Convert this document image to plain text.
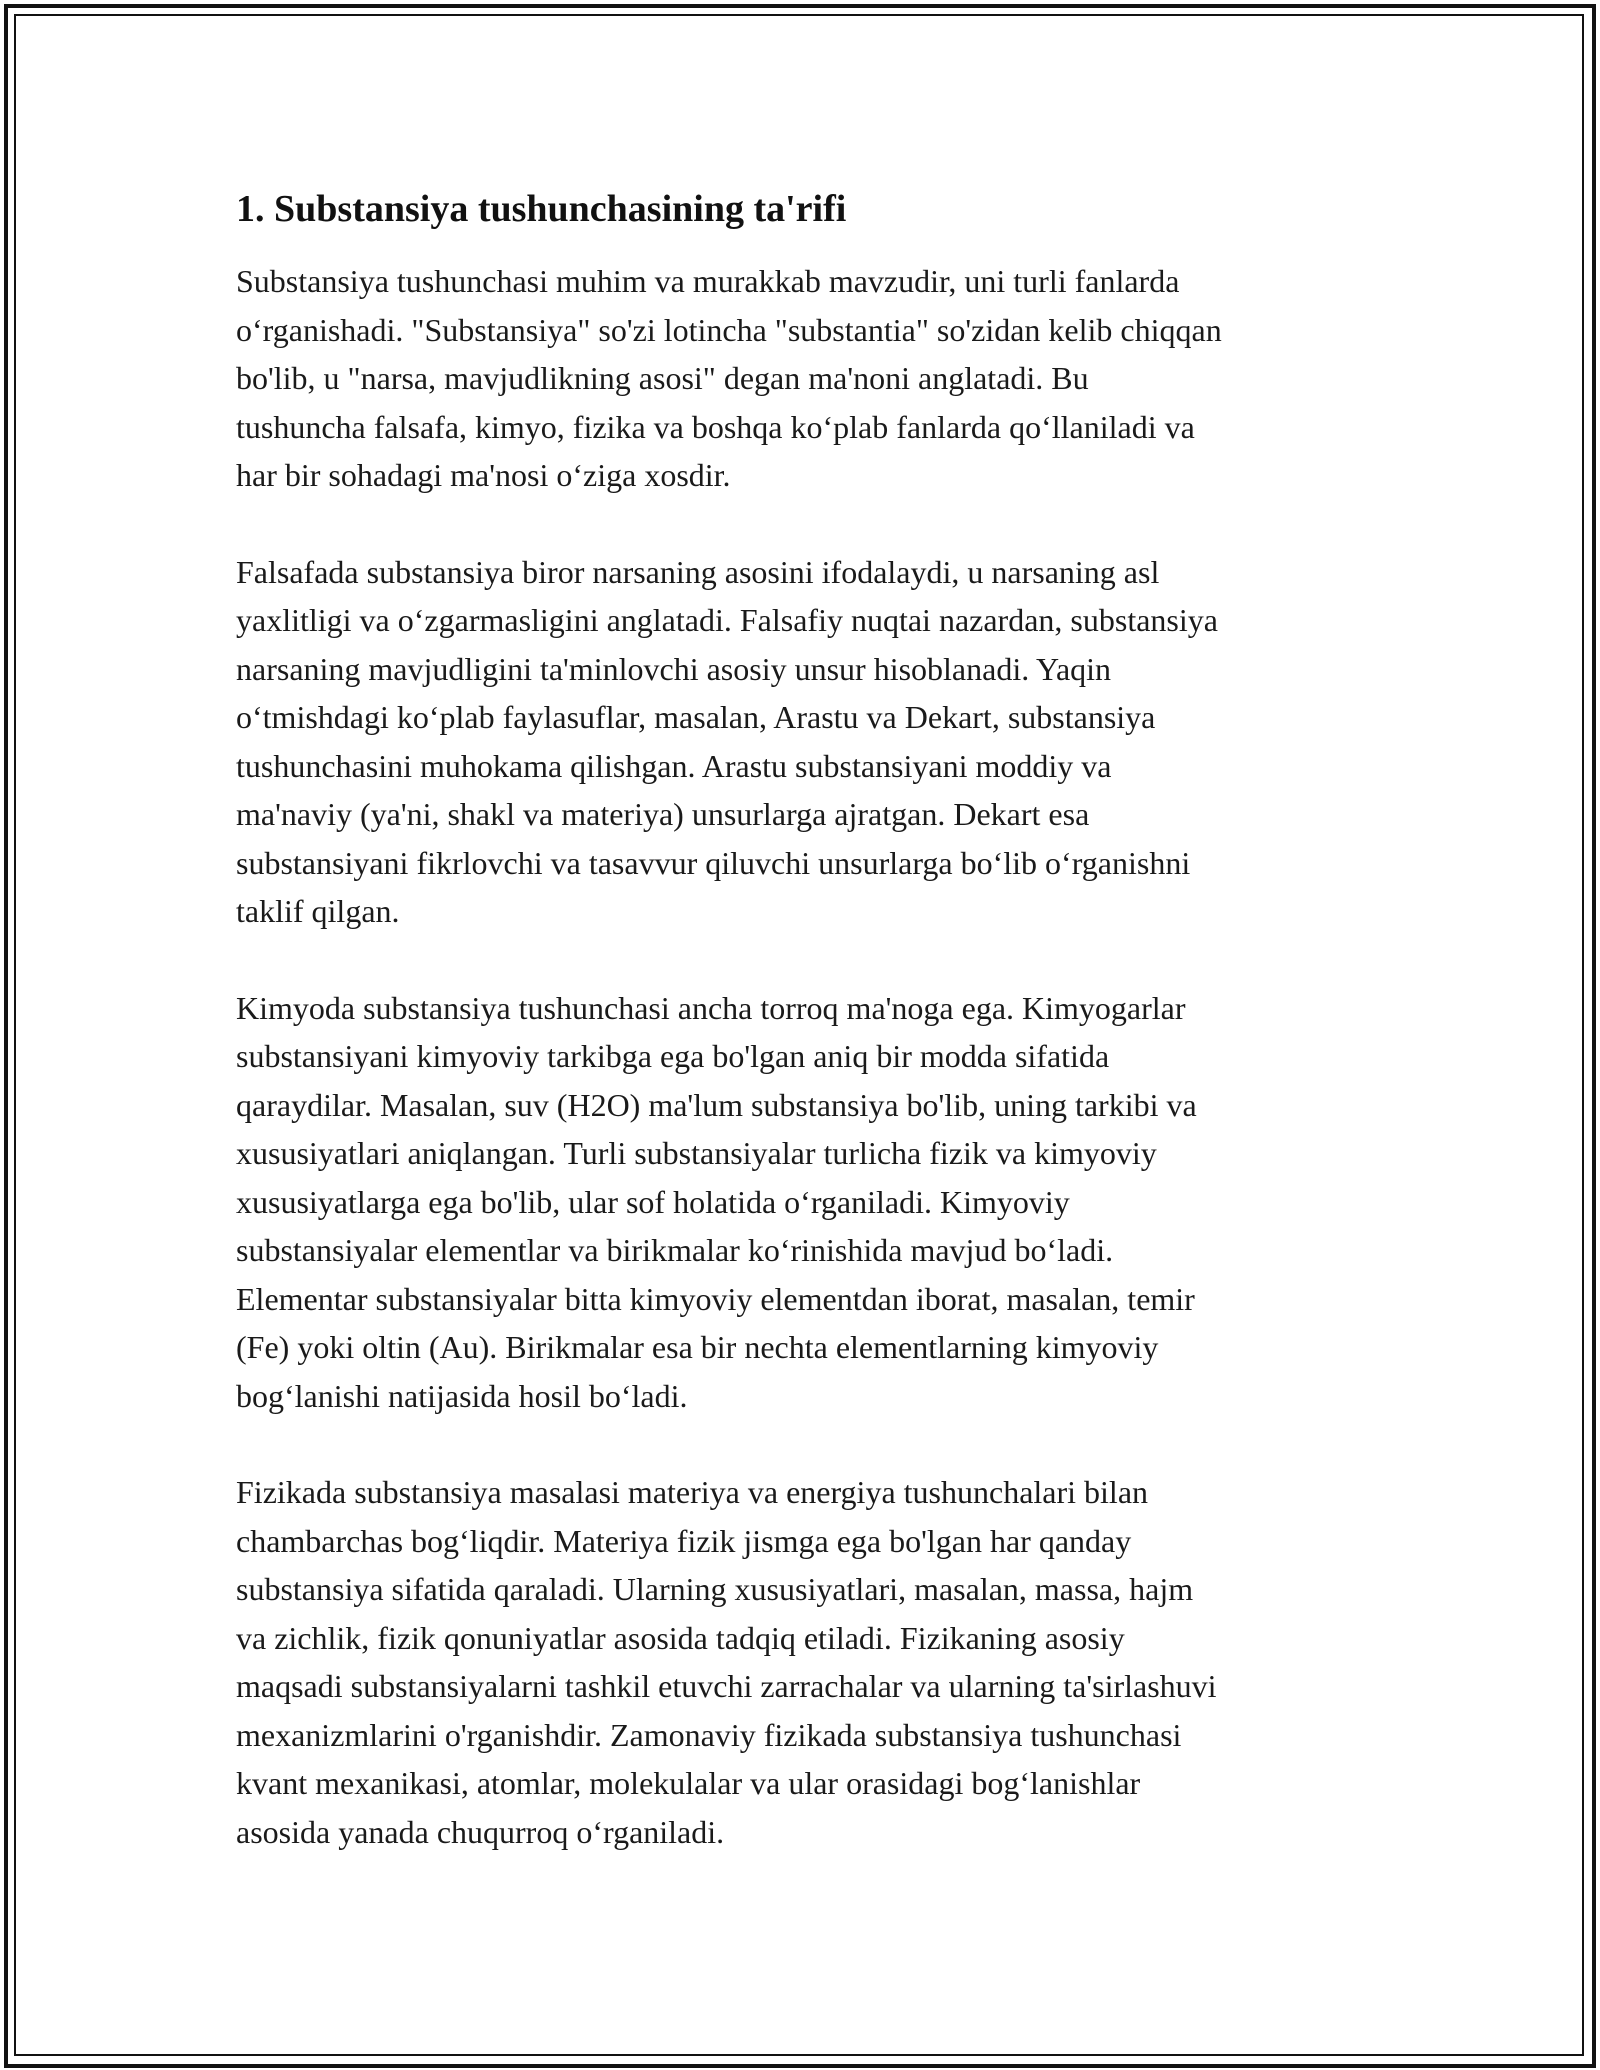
1. Substansiya tushunchasining ta'rifi

Substansiya tushunchasi muhim va murakkab mavzudir, uni turli fanlarda
o‘rganishadi. "Substansiya" so'zi lotincha "substantia" so'zidan kelib chiqqan
bo'lib, u "narsa, mavjudlikning asosi" degan ma'noni anglatadi. Bu
tushuncha falsafa, kimyo, fizika va boshqa ko‘plab fanlarda qo‘llaniladi va
har bir sohadagi ma'nosi o‘ziga xosdir.

Falsafada substansiya biror narsaning asosini ifodalaydi, u narsaning asl
yaxlitligi va o‘zgarmasligini anglatadi. Falsafiy nuqtai nazardan, substansiya
narsaning mavjudligini ta'minlovchi asosiy unsur hisoblanadi. Yaqin
o‘tmishdagi ko‘plab faylasuflar, masalan, Arastu va Dekart, substansiya
tushunchasini muhokama qilishgan. Arastu substansiyani moddiy va
ma'naviy (ya'ni, shakl va materiya) unsurlarga ajratgan. Dekart esa
substansiyani fikrlovchi va tasavvur qiluvchi unsurlarga bo‘lib o‘rganishni
taklif qilgan.

Kimyoda substansiya tushunchasi ancha torroq ma'noga ega. Kimyogarlar
substansiyani kimyoviy tarkibga ega bo'lgan aniq bir modda sifatida
qaraydilar. Masalan, suv (H2O) ma'lum substansiya bo'lib, uning tarkibi va
xususiyatlari aniqlangan. Turli substansiyalar turlicha fizik va kimyoviy
xususiyatlarga ega bo'lib, ular sof holatida o‘rganiladi. Kimyoviy
substansiyalar elementlar va birikmalar ko‘rinishida mavjud bo‘ladi.
Elementar substansiyalar bitta kimyoviy elementdan iborat, masalan, temir
(Fe) yoki oltin (Au). Birikmalar esa bir nechta elementlarning kimyoviy
bog‘lanishi natijasida hosil bo‘ladi.

Fizikada substansiya masalasi materiya va energiya tushunchalari bilan
chambarchas bog‘liqdir. Materiya fizik jismga ega bo'lgan har qanday
substansiya sifatida qaraladi. Ularning xususiyatlari, masalan, massa, hajm
va zichlik, fizik qonuniyatlar asosida tadqiq etiladi. Fizikaning asosiy
maqsadi substansiyalarni tashkil etuvchi zarrachalar va ularning ta'sirlashuvi
mexanizmlarini o'rganishdir. Zamonaviy fizikada substansiya tushunchasi
kvant mexanikasi, atomlar, molekulalar va ular orasidagi bog‘lanishlar
asosida yanada chuqurroq o‘rganiladi.
